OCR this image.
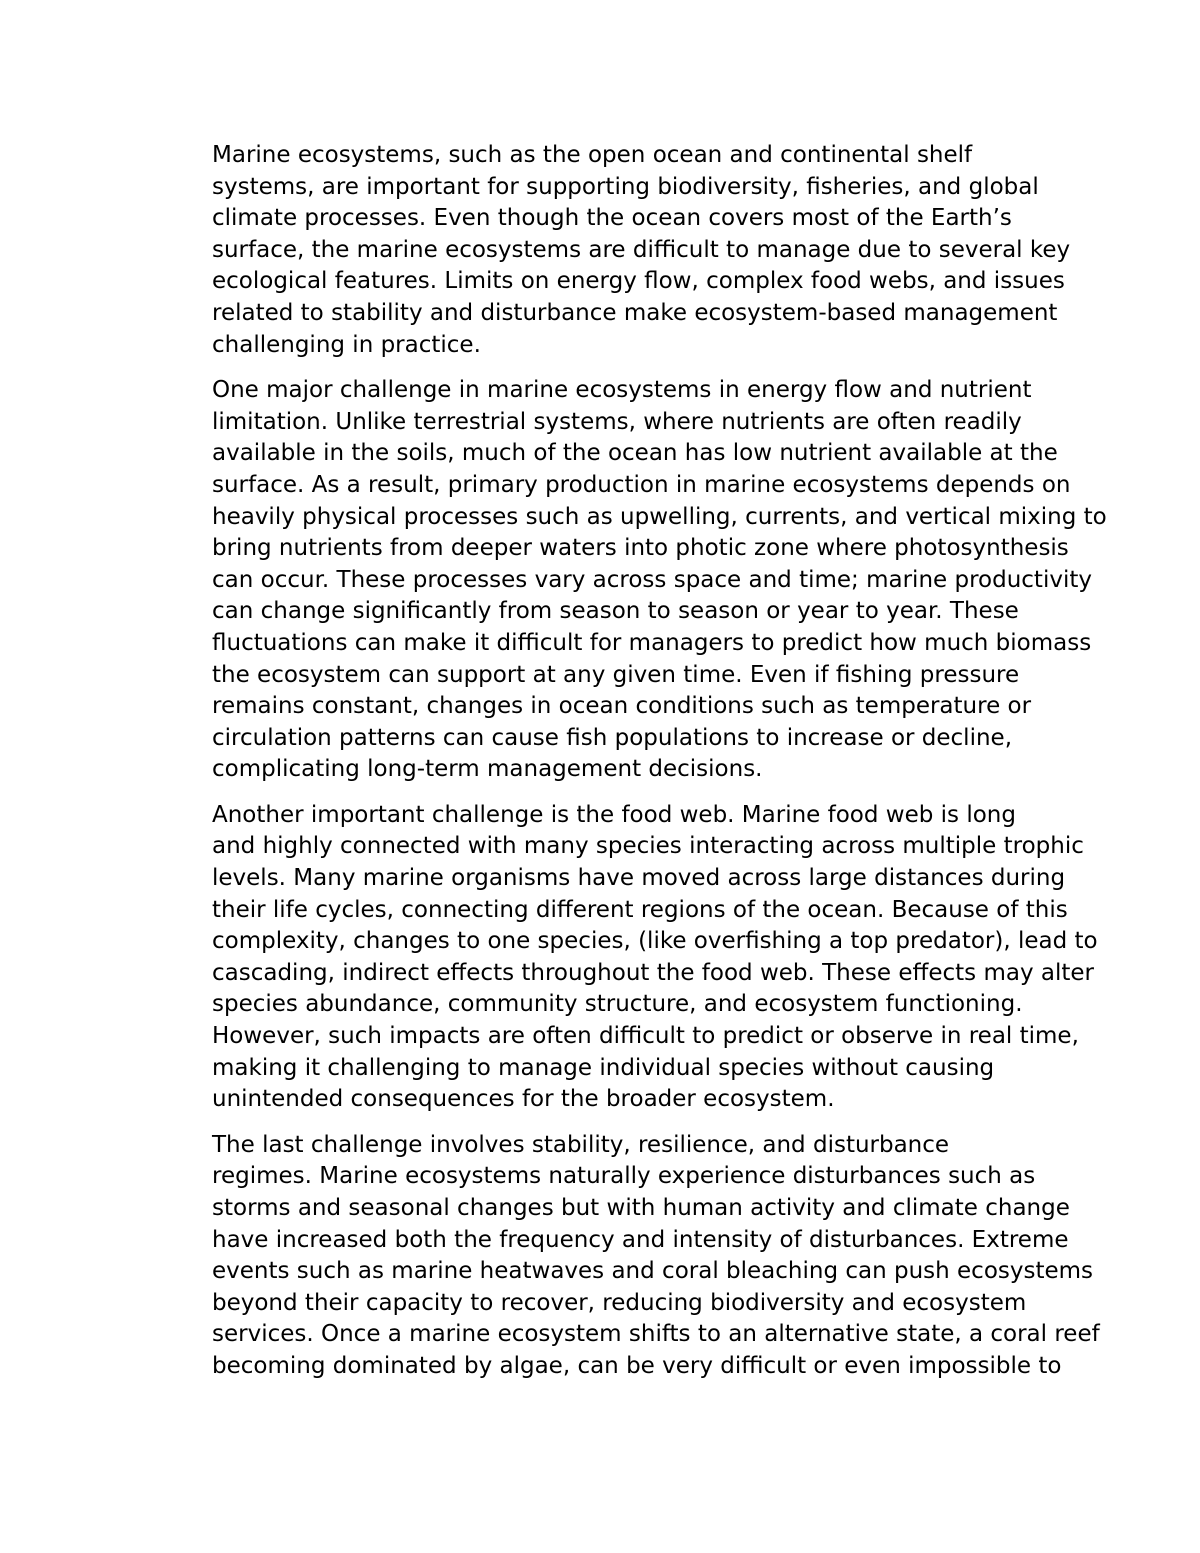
Marine ecosystems, such as the open ocean and continental shelf
systems, are important for supporting biodiversity, fisheries, and global
climate processes. Even though the ocean covers most of the Earth’s
surface, the marine ecosystems are difficult to manage due to several key
ecological features. Limits on energy flow, complex food webs, and issues
related to stability and disturbance make ecosystem-based management
challenging in practice.

One major challenge in marine ecosystems in energy flow and nutrient
limitation. Unlike terrestrial systems, where nutrients are often readily
available in the soils, much of the ocean has low nutrient available at the
surface. As a result, primary production in marine ecosystems depends on
heavily physical processes such as upwelling, currents, and vertical mixing to
bring nutrients from deeper waters into photic zone where photosynthesis
can occur. These processes vary across space and time; marine productivity
can change significantly from season to season or year to year. These
fluctuations can make it difficult for managers to predict how much biomass
the ecosystem can support at any given time. Even if fishing pressure
remains constant, changes in ocean conditions such as temperature or
circulation patterns can cause fish populations to increase or decline,
complicating long-term management decisions.

Another important challenge is the food web. Marine food web is long
and highly connected with many species interacting across multiple trophic
levels. Many marine organisms have moved across large distances during
their life cycles, connecting different regions of the ocean. Because of this
complexity, changes to one species, (like overfishing a top predator), lead to
cascading, indirect effects throughout the food web. These effects may alter
species abundance, community structure, and ecosystem functioning.
However, such impacts are often difficult to predict or observe in real time,
making it challenging to manage individual species without causing
unintended consequences for the broader ecosystem.

The last challenge involves stability, resilience, and disturbance
regimes. Marine ecosystems naturally experience disturbances such as
storms and seasonal changes but with human activity and climate change
have increased both the frequency and intensity of disturbances. Extreme
events such as marine heatwaves and coral bleaching can push ecosystems
beyond their capacity to recover, reducing biodiversity and ecosystem
services. Once a marine ecosystem shifts to an alternative state, a coral reef
becoming dominated by algae, can be very difficult or even impossible to
